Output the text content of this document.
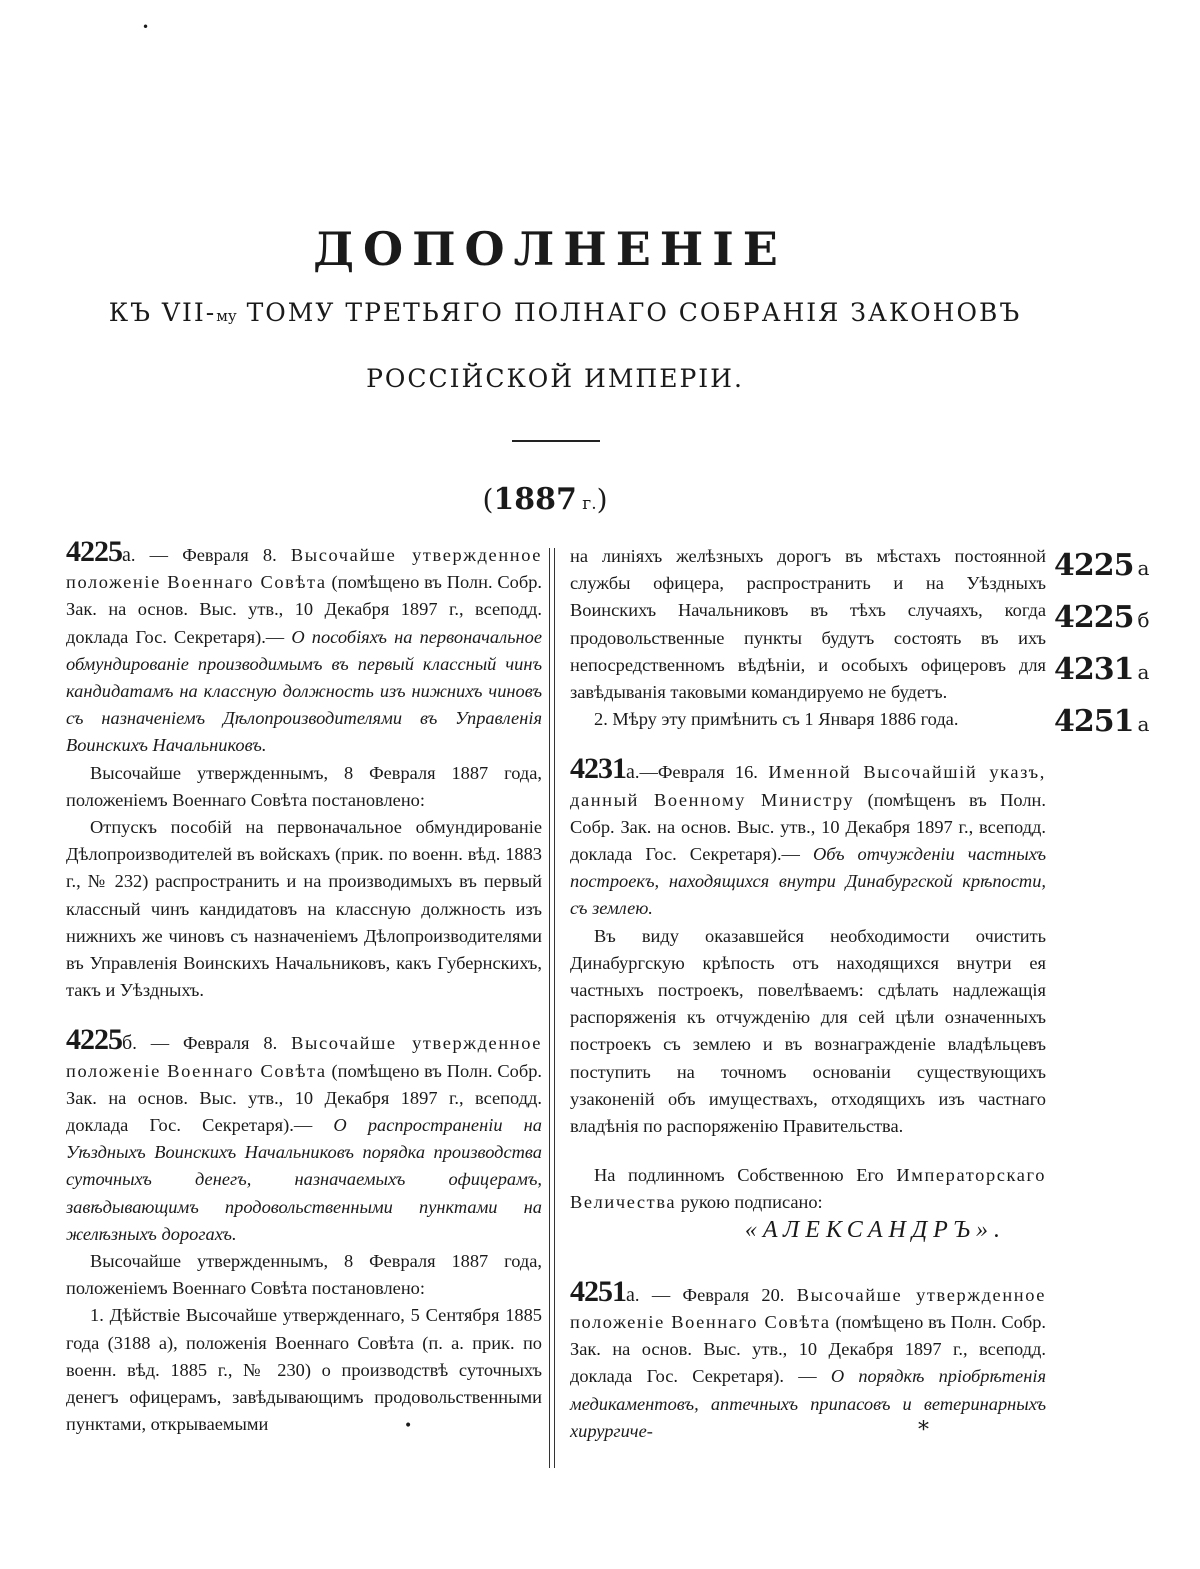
•
ДОПОЛНЕНІЕ
КЪ VII-му ТОМУ ТРЕТЬЯГО ПОЛНАГО СОБРАНІЯ ЗАКОНОВЪ
РОССІЙСКОЙ ИМПЕРІИ.
(1887 г.)

4225а. — Февраля 8. Высочайше утвержденное положеніе Военнаго Совѣта (помѣщено въ Полн. Собр. Зак. на основ. Выс. утв., 10 Декабря 1897 г., всеподд. доклада Гос. Секретаря).— О пособіяхъ на первоначальное обмундированіе производимымъ въ первый классный чинъ кандидатамъ на классную должность изъ нижнихъ чиновъ съ назначеніемъ Дѣлопроизводителями въ Управленія Воинскихъ Начальниковъ.

Высочайше утвержденнымъ, 8 Февраля 1887 года, положеніемъ Военнаго Совѣта постановлено:

Отпускъ пособій на первоначальное обмундированіе Дѣлопроизводителей въ войскахъ (прик. по военн. вѣд. 1883 г., № 232) распространить и на производимыхъ въ первый классный чинъ кандидатовъ на классную должность изъ нижнихъ же чиновъ съ назначеніемъ Дѣлопроизводителями въ Управленія Воинскихъ Начальниковъ, какъ Губернскихъ, такъ и Уѣздныхъ.

4225б. — Февраля 8. Высочайше утвержденное положеніе Военнаго Совѣта (помѣщено въ Полн. Собр. Зак. на основ. Выс. утв., 10 Декабря 1897 г., всеподд. доклада Гос. Секретаря).— О распространеніи на Уѣздныхъ Воинскихъ Начальниковъ порядка производства суточныхъ денегъ, назначаемыхъ офицерамъ, завѣдывающимъ продовольственными пунктами на желѣзныхъ дорогахъ.

Высочайше утвержденнымъ, 8 Февраля 1887 года, положеніемъ Военнаго Совѣта постановлено:

1. Дѣйствіе Высочайше утвержденнаго, 5 Сентября 1885 года (3188 а), положенія Военнаго Совѣта (п. а. прик. по военн. вѣд. 1885 г., № 230) о производствѣ суточныхъ денегъ офицерамъ, завѣдывающимъ продовольственными пунктами, открываемыми

на линіяхъ желѣзныхъ дорогъ въ мѣстахъ постоянной службы офицера, распространить и на Уѣздныхъ Воинскихъ Начальниковъ въ тѣхъ случаяхъ, когда продовольственные пункты будутъ состоять въ ихъ непосредственномъ вѣдѣніи, и особыхъ офицеровъ для завѣдыванія таковыми командируемо не будетъ.

2. Мѣру эту примѣнить съ 1 Января 1886 года.

4231а.—Февраля 16. Именной Высочайшій указъ, данный Военному Министру (помѣщенъ въ Полн. Собр. Зак. на основ. Выс. утв., 10 Декабря 1897 г., всеподд. доклада Гос. Секретаря).— Объ отчужденіи частныхъ построекъ, находящихся внутри Динабургской крѣпости, съ землею.

Въ виду оказавшейся необходимости очистить Динабургскую крѣпость отъ находящихся внутри ея частныхъ построекъ, повелѣваемъ: сдѣлать надлежащія распоряженія къ отчужденію для сей цѣли означенныхъ построекъ съ землею и въ вознагражденіе владѣльцевъ поступить на точномъ основаніи существующихъ узаконеній объ имуществахъ, отходящихъ изъ частнаго владѣнія по распоряженію Правительства.

На подлинномъ Собственною Его Императорскаго Величества рукою подписано:

«АЛЕКСАНДРЪ».

4251а. — Февраля 20. Высочайше утвержденное положеніе Военнаго Совѣта (помѣщено въ Полн. Собр. Зак. на основ. Выс. утв., 10 Декабря 1897 г., всеподд. доклада Гос. Секретаря). — О порядкѣ пріобрѣтенія медикаментовъ, аптечныхъ припасовъ и ветеринарныхъ хирургиче-

4225 а
4225 б
4231 а
4251 а
•	*
